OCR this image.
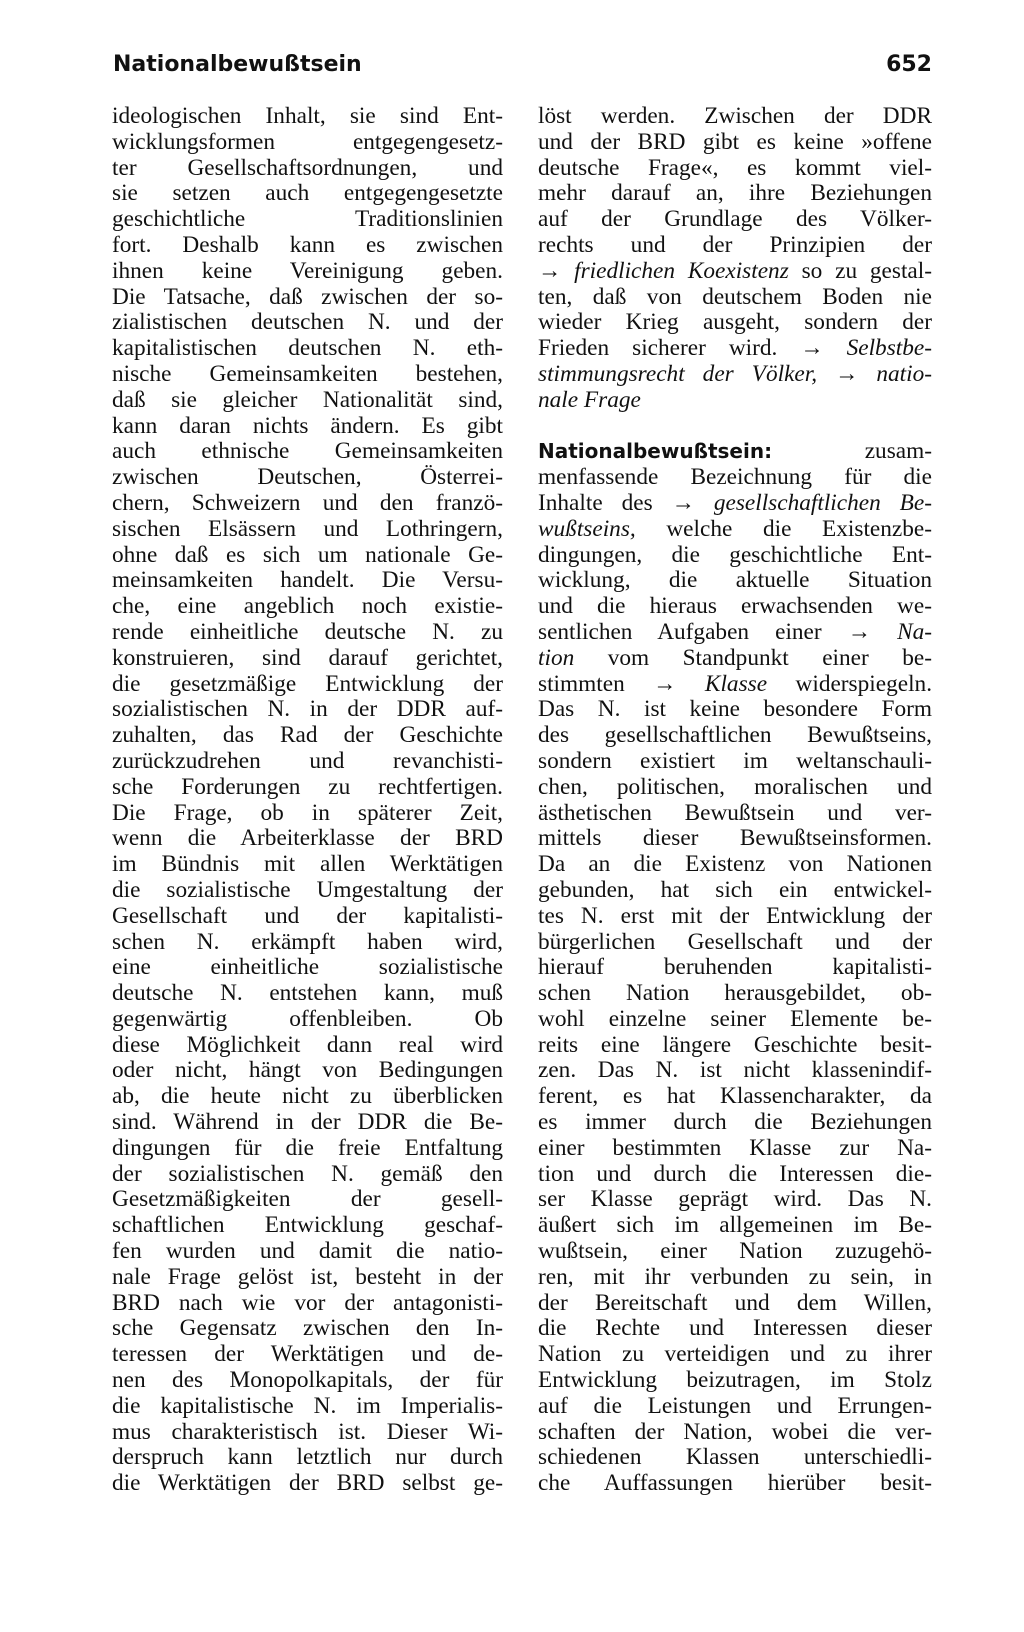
Nationalbewußtsein	652
ideologischen Inhalt, sie sind Ent-
wicklungsformen entgegengesetz-
ter Gesellschaftsordnungen, und
sie setzen auch entgegengesetzte
geschichtliche Traditionslinien
fort. Deshalb kann es zwischen
ihnen keine Vereinigung geben.
Die Tatsache, daß zwischen der so-
zialistischen deutschen N. und der
kapitalistischen deutschen N. eth-
nische Gemeinsamkeiten bestehen,
daß sie gleicher Nationalität sind,
kann daran nichts ändern. Es gibt
auch ethnische Gemeinsamkeiten
zwischen Deutschen, Österrei-
chern, Schweizern und den franzö-
sischen Elsässern und Lothringern,
ohne daß es sich um nationale Ge-
meinsamkeiten handelt. Die Versu-
che, eine angeblich noch existie-
rende einheitliche deutsche N. zu
konstruieren, sind darauf gerichtet,
die gesetzmäßige Entwicklung der
sozialistischen N. in der DDR auf-
zuhalten, das Rad der Geschichte
zurückzudrehen und revanchisti-
sche Forderungen zu rechtfertigen.
Die Frage, ob in späterer Zeit,
wenn die Arbeiterklasse der BRD
im Bündnis mit allen Werktätigen
die sozialistische Umgestaltung der
Gesellschaft und der kapitalisti-
schen N. erkämpft haben wird,
eine einheitliche sozialistische
deutsche N. entstehen kann, muß
gegenwärtig offenbleiben. Ob
diese Möglichkeit dann real wird
oder nicht, hängt von Bedingungen
ab, die heute nicht zu überblicken
sind. Während in der DDR die Be-
dingungen für die freie Entfaltung
der sozialistischen N. gemäß den
Gesetzmäßigkeiten der gesell-
schaftlichen Entwicklung geschaf-
fen wurden und damit die natio-
nale Frage gelöst ist, besteht in der
BRD nach wie vor der antagonisti-
sche Gegensatz zwischen den In-
teressen der Werktätigen und de-
nen des Monopolkapitals, der für
die kapitalistische N. im Imperialis-
mus charakteristisch ist. Dieser Wi-
derspruch kann letztlich nur durch
die Werktätigen der BRD selbst ge-
löst werden. Zwischen der DDR
und der BRD gibt es keine »offene
deutsche Frage«, es kommt viel-
mehr darauf an, ihre Beziehungen
auf der Grundlage des Völker-
rechts und der Prinzipien der
→ friedlichen Koexistenz so zu gestal-
ten, daß von deutschem Boden nie
wieder Krieg ausgeht, sondern der
Frieden sicherer wird. → Selbstbe-
stimmungsrecht der Völker, → natio-
nale Frage
Nationalbewußtsein:	zusam-
menfassende Bezeichnung für die
Inhalte des → gesellschaftlichen Be-
wußtseins, welche die Existenzbe-
dingungen, die geschichtliche Ent-
wicklung, die aktuelle Situation
und die hieraus erwachsenden we-
sentlichen Aufgaben einer → Na-
tion vom Standpunkt einer be-
stimmten → Klasse widerspiegeln.
Das N. ist keine besondere Form
des gesellschaftlichen Bewußtseins,
sondern existiert im weltanschauli-
chen, politischen, moralischen und
ästhetischen Bewußtsein und ver-
mittels dieser Bewußtseinsformen.
Da an die Existenz von Nationen
gebunden, hat sich ein entwickel-
tes N. erst mit der Entwicklung der
bürgerlichen Gesellschaft und der
hierauf beruhenden kapitalisti-
schen Nation herausgebildet, ob-
wohl einzelne seiner Elemente be-
reits eine längere Geschichte besit-
zen. Das N. ist nicht klassenindif-
ferent, es hat Klassencharakter, da
es immer durch die Beziehungen
einer bestimmten Klasse zur Na-
tion und durch die Interessen die-
ser Klasse geprägt wird. Das N.
äußert sich im allgemeinen im Be-
wußtsein, einer Nation zuzugehö-
ren, mit ihr verbunden zu sein, in
der Bereitschaft und dem Willen,
die Rechte und Interessen dieser
Nation zu verteidigen und zu ihrer
Entwicklung beizutragen, im Stolz
auf die Leistungen und Errungen-
schaften der Nation, wobei die ver-
schiedenen Klassen unterschiedli-
che Auffassungen hierüber besit-
